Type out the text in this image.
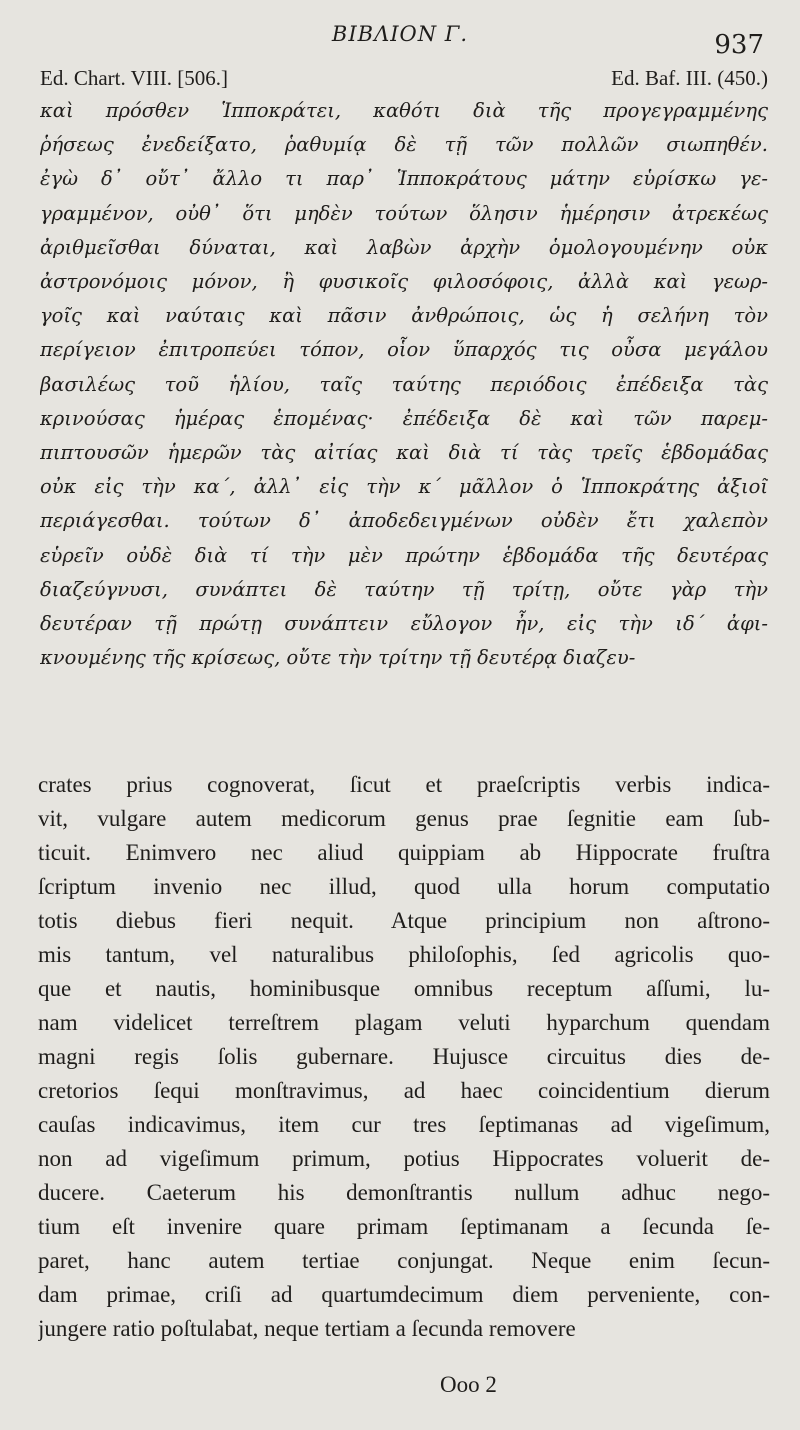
BIBΛIΟΝ Γ.	937
Ed. Chart. VIII. [506.]	Ed. Baf. III. (450.)
καὶ πρόσθεν Ἱπποκράτει, καθότι διὰ τῆς προγεγραμμένης
ῥήσεως ἐνεδείξατο, ῥαθυμίᾳ δὲ τῇ τῶν πολλῶν σιωπηθέν.
ἐγὼ δ᾽ οὔτ᾽ ἄλλο τι παρ᾽ Ἱπποκράτους μάτην εὑρίσκω γε-
γραμμένον, οὐθ᾽ ὅτι μηδὲν τούτων ὅλησιν ἡμέρησιν ἀτρεκέως
ἀριθμεῖσθαι δύναται, καὶ λαβὼν ἀρχὴν ὁμολογουμένην οὐκ
ἀστρονόμοις μόνον, ἢ φυσικοῖς φιλοσόφοις, ἀλλὰ καὶ γεωρ-
γοῖς καὶ ναύταις καὶ πᾶσιν ἀνθρώποις, ὡς ἡ σελήνη τὸν
περίγειον ἐπιτροπεύει τόπον, οἷον ὕπαρχός τις οὖσα μεγάλου
βασιλέως τοῦ ἡλίου, ταῖς ταύτης περιόδοις ἐπέδειξα τὰς
κρινούσας ἡμέρας ἑπομένας· ἐπέδειξα δὲ καὶ τῶν παρεμ-
πιπτουσῶν ἡμερῶν τὰς αἰτίας καὶ διὰ τί τὰς τρεῖς ἑβδομάδας
οὐκ εἰς τὴν κα΄, ἀλλ᾽ εἰς τὴν κ΄ μᾶλλον ὁ Ἱπποκράτης ἀξιοῖ
περιάγεσθαι. τούτων δ᾽ ἀποδεδειγμένων οὐδὲν ἔτι χαλεπὸν
εὑρεῖν οὐδὲ διὰ τί τὴν μὲν πρώτην ἑβδομάδα τῆς δευτέρας
διαζεύγνυσι, συνάπτει δὲ ταύτην τῇ τρίτῃ, οὔτε γὰρ τὴν
δευτέραν τῇ πρώτῃ συνάπτειν εὔλογον ἦν, εἰς τὴν ιδ΄ ἀφι-
κνουμένης τῆς κρίσεως, οὔτε τὴν τρίτην τῇ δευτέρᾳ διαζευ-
crates prius cognoverat, ſicut et praeſcriptis verbis indica-
vit, vulgare autem medicorum genus prae ſegnitie eam ſub-
ticuit. Enimvero nec aliud quippiam ab Hippocrate fruſtra
ſcriptum invenio nec illud, quod ulla horum computatio
totis diebus fieri nequit. Atque principium non aſtrono-
mis tantum, vel naturalibus philoſophis, ſed agricolis quo-
que et nautis, hominibusque omnibus receptum aſſumi, lu-
nam videlicet terreſtrem plagam veluti hyparchum quendam
magni regis ſolis gubernare. Hujusce circuitus dies de-
cretorios ſequi monſtravimus, ad haec coincidentium dierum
cauſas indicavimus, item cur tres ſeptimanas ad vigeſimum,
non ad vigeſimum primum, potius Hippocrates voluerit de-
ducere. Caeterum his demonſtrantis nullum adhuc nego-
tium eſt invenire quare primam ſeptimanam a ſecunda ſe-
paret, hanc autem tertiae conjungat. Neque enim ſecun-
dam primae, criſi ad quartumdecimum diem perveniente, con-
jungere ratio poſtulabat, neque tertiam a ſecunda removere
Ooo 2
